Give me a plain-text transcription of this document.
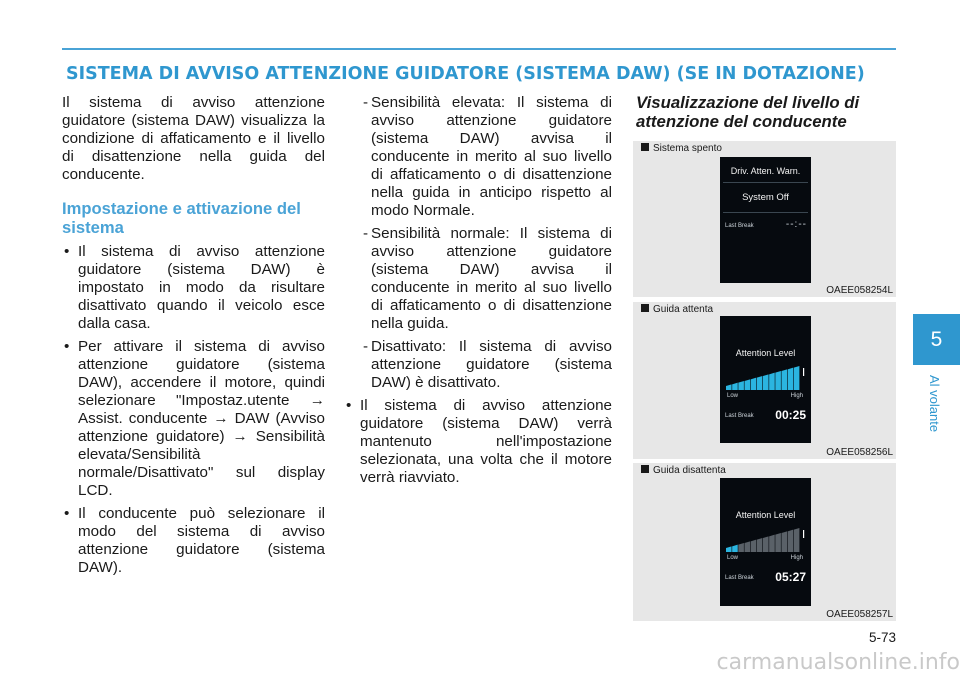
SISTEMA DI AVVISO ATTENZIONE GUIDATORE (SISTEMA DAW) (SE IN DOTAZIONE)

Il sistema di avviso attenzione guidatore (sistema DAW) visualizza la condizione di affaticamento e il livello di disattenzione nella guida del conducente.

Impostazione e attivazione del sistema
• Il sistema di avviso attenzione guidatore (sistema DAW) è impostato in modo da risultare disattivato quando il veicolo esce dalla casa.
• Per attivare il sistema di avviso attenzione guidatore (sistema DAW), accendere il motore, quindi selezionare "Impostaz.utente → Assist. conducente → DAW (Avviso attenzione guidatore) → Sensibilità elevata/Sensibilità normale/Disattivato" sul display LCD.
• Il conducente può selezionare il modo del sistema di avviso attenzione guidatore (sistema DAW).
- Sensibilità elevata: Il sistema di avviso attenzione guidatore (sistema DAW) avvisa il conducente in merito al suo livello di affaticamento o di disattenzione nella guida in anticipo rispetto al modo Normale.
- Sensibilità normale: Il sistema di avviso attenzione guidatore (sistema DAW) avvisa il conducente in merito al suo livello di affaticamento o di disattenzione nella guida.
- Disattivato: Il sistema di avviso attenzione guidatore (sistema DAW) è disattivato.
• Il sistema di avviso attenzione guidatore (sistema DAW) verrà mantenuto nell'impostazione selezionata, una volta che il motore verrà riavviato.
Visualizzazione del livello di attenzione del conducente
Sistema spento
Driv. Atten. Warn.
System Off
Last Break	--:--
OAEE058254L
Guida attenta
Attention Level
Low	High
Last Break 00:25
OAEE058256L
Guida disattenta
Attention Level
Low	High
Last Break 05:27
OAEE058257L
5
Al volante
5-73
carmanualsonline.info
